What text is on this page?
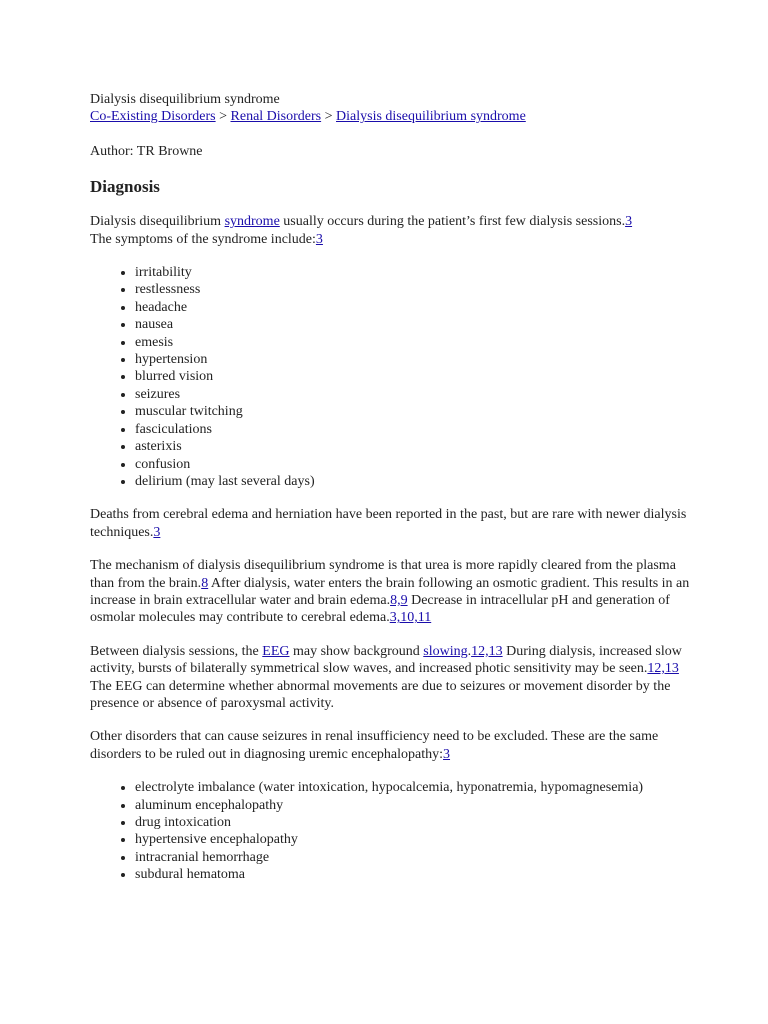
Dialysis disequilibrium syndrome

Co-Existing Disorders > Renal Disorders > Dialysis disequilibrium syndrome

Author: TR Browne

Diagnosis

Dialysis disequilibrium syndrome usually occurs during the patient’s first few dialysis sessions.3
The symptoms of the syndrome include:3

• irritability
• restlessness
• headache
• nausea
• emesis
• hypertension
• blurred vision
• seizures
• muscular twitching
• fasciculations
• asterixis
• confusion
• delirium (may last several days)

Deaths from cerebral edema and herniation have been reported in the past, but are rare with newer dialysis techniques.3

The mechanism of dialysis disequilibrium syndrome is that urea is more rapidly cleared from the plasma than from the brain.8 After dialysis, water enters the brain following an osmotic gradient. This results in an increase in brain extracellular water and brain edema.8,9 Decrease in intracellular pH and generation of osmolar molecules may contribute to cerebral edema.3,10,11

Between dialysis sessions, the EEG may show background slowing.12,13 During dialysis, increased slow activity, bursts of bilaterally symmetrical slow waves, and increased photic sensitivity may be seen.12,13 The EEG can determine whether abnormal movements are due to seizures or movement disorder by the presence or absence of paroxysmal activity.

Other disorders that can cause seizures in renal insufficiency need to be excluded. These are the same disorders to be ruled out in diagnosing uremic encephalopathy:3

• electrolyte imbalance (water intoxication, hypocalcemia, hyponatremia, hypomagnesemia)
• aluminum encephalopathy
• drug intoxication
• hypertensive encephalopathy
• intracranial hemorrhage
• subdural hematoma
